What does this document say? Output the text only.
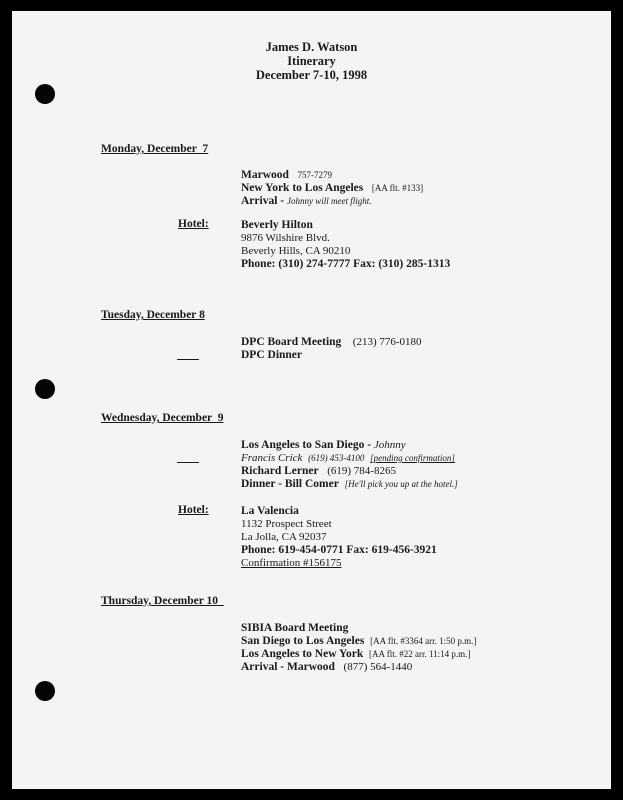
James D. Watson
Itinerary
December 7-10, 1998
Monday, December  7
Marwood 757-7279
New York to Los Angeles [AA flt. #133]
Arrival - Johnny will meet flight.
Hotel:	Beverly Hilton
9876 Wilshire Blvd.
Beverly Hills, CA 90210
Phone: (310) 274-7777 Fax: (310) 285-1313
Tuesday, December 8
DPC Board Meeting (213) 776-0180
DPC Dinner
Wednesday, December  9
Los Angeles to San Diego - Johnny
Francis Crick (619) 453-4100 [pending confirmation]
Richard Lerner (619) 784-8265
Dinner - Bill Comer [He'll pick you up at the hotel.]
Hotel:	La Valencia
1132 Prospect Street
La Jolla, CA 92037
Phone: 619-454-0771 Fax: 619-456-3921
Confirmation #156175
Thursday, December 10
SIBIA Board Meeting
San Diego to Los Angeles [AA flt. #3364 arr. 1:50 p.m.]
Los Angeles to New York [AA flt. #22 arr. 11:14 p.m.]
Arrival - Marwood (877) 564-1440
